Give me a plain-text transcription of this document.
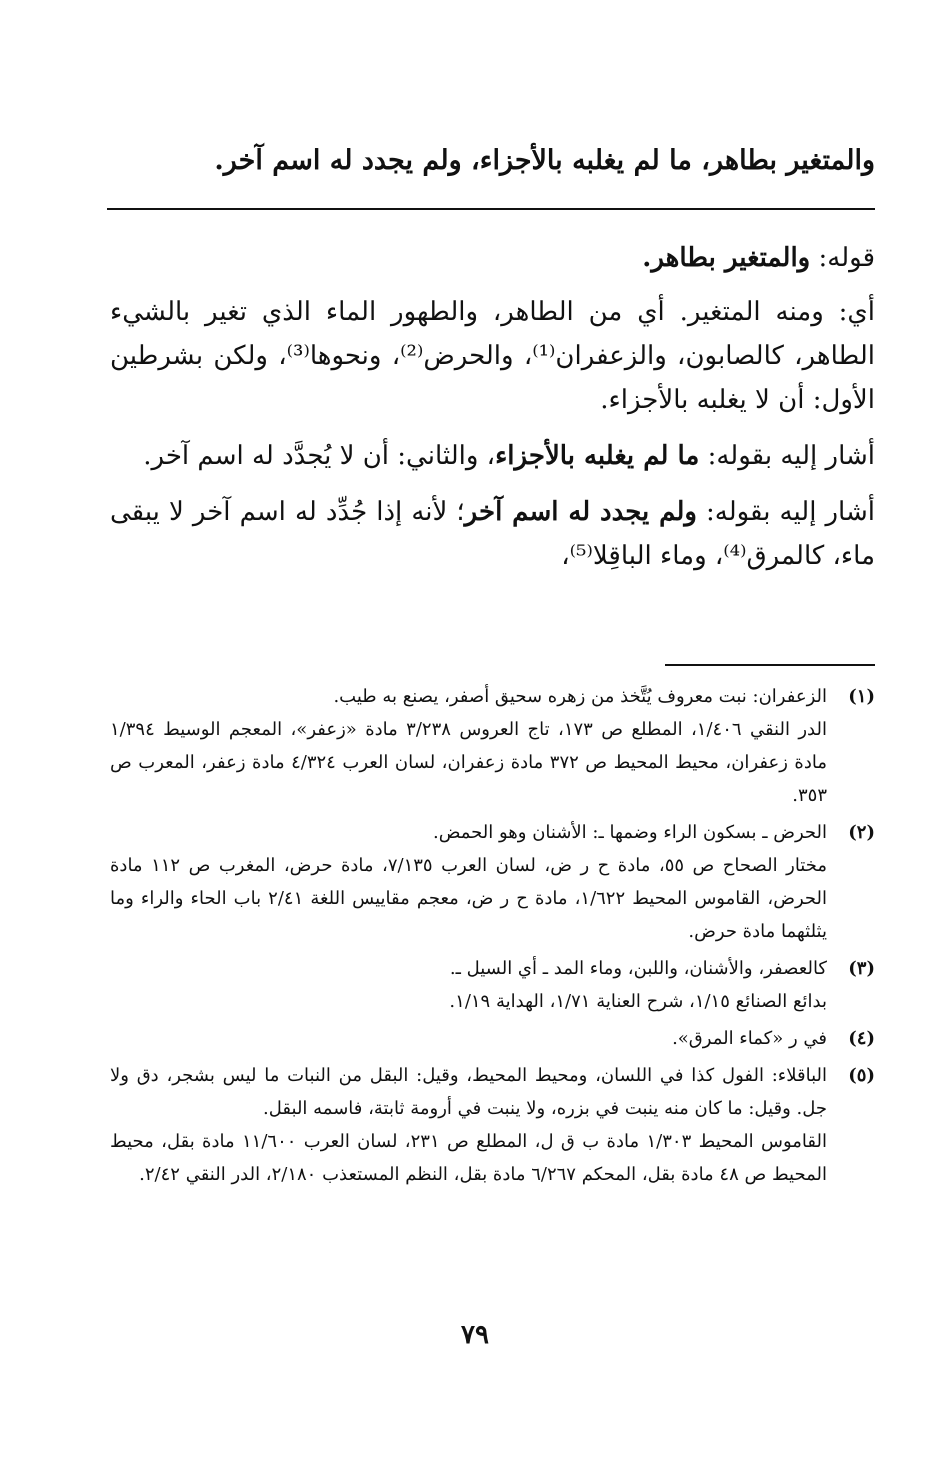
والمتغير بطاهر، ما لم يغلبه بالأجزاء، ولم يجدد له اسم آخر.

قوله: والمتغير بطاهر.

أي: ومنه المتغير. أي من الطاهر، والطهور الماء الذي تغير بالشيء الطاهر، كالصابون، والزعفران⁽¹⁾، والحرض⁽²⁾، ونحوها⁽³⁾، ولكن بشرطين الأول: أن لا يغلبه بالأجزاء.

أشار إليه بقوله: ما لم يغلبه بالأجزاء، والثاني: أن لا يُجدَّد له اسم آخر.

أشار إليه بقوله: ولم يجدد له اسم آخر؛ لأنه إذا جُدِّد له اسم آخر لا يبقى ماء، كالمرق⁽⁴⁾، وماء الباقِلا⁽⁵⁾،

(١)
الزعفران: نبت معروف يُتَّخذ من زهره سحيق أصفر، يصنع به طيب.
الدر النقي ١/٤٠٦، المطلع ص ١٧٣، تاج العروس ٣/٢٣٨ مادة «زعفر»، المعجم الوسيط ١/٣٩٤ مادة زعفران، محيط المحيط ص ٣٧٢ مادة زعفران، لسان العرب ٤/٣٢٤ مادة زعفر، المعرب ص ٣٥٣.
(٢)
الحرض ـ بسكون الراء وضمها ـ: الأشنان وهو الحمض.
مختار الصحاح ص ٥٥، مادة ح ر ض، لسان العرب ٧/١٣٥، مادة حرض، المغرب ص ١١٢ مادة الحرض، القاموس المحيط ١/٦٢٢، مادة ح ر ض، معجم مقاييس اللغة ٢/٤١ باب الحاء والراء وما يثلثهما مادة حرض.
(٣)
كالعصفر، والأشنان، واللبن، وماء المد ـ أي السيل ـ.
بدائع الصنائع ١/١٥، شرح العناية ١/٧١، الهداية ١/١٩.
(٤)
في ر «كماء المرق».
(٥)
الباقلاء: الفول كذا في اللسان، ومحيط المحيط، وقيل: البقل من النبات ما ليس بشجر، دق ولا جل. وقيل: ما كان منه ينبت في بزره، ولا ينبت في أرومة ثابتة، فاسمه البقل.
القاموس المحيط ١/٣٠٣ مادة ب ق ل، المطلع ص ٢٣١، لسان العرب ١١/٦٠٠ مادة بقل، محيط المحيط ص ٤٨ مادة بقل، المحكم ٦/٢٦٧ مادة بقل، النظم المستعذب ٢/١٨٠، الدر النقي ٢/٤٢.
٧٩
